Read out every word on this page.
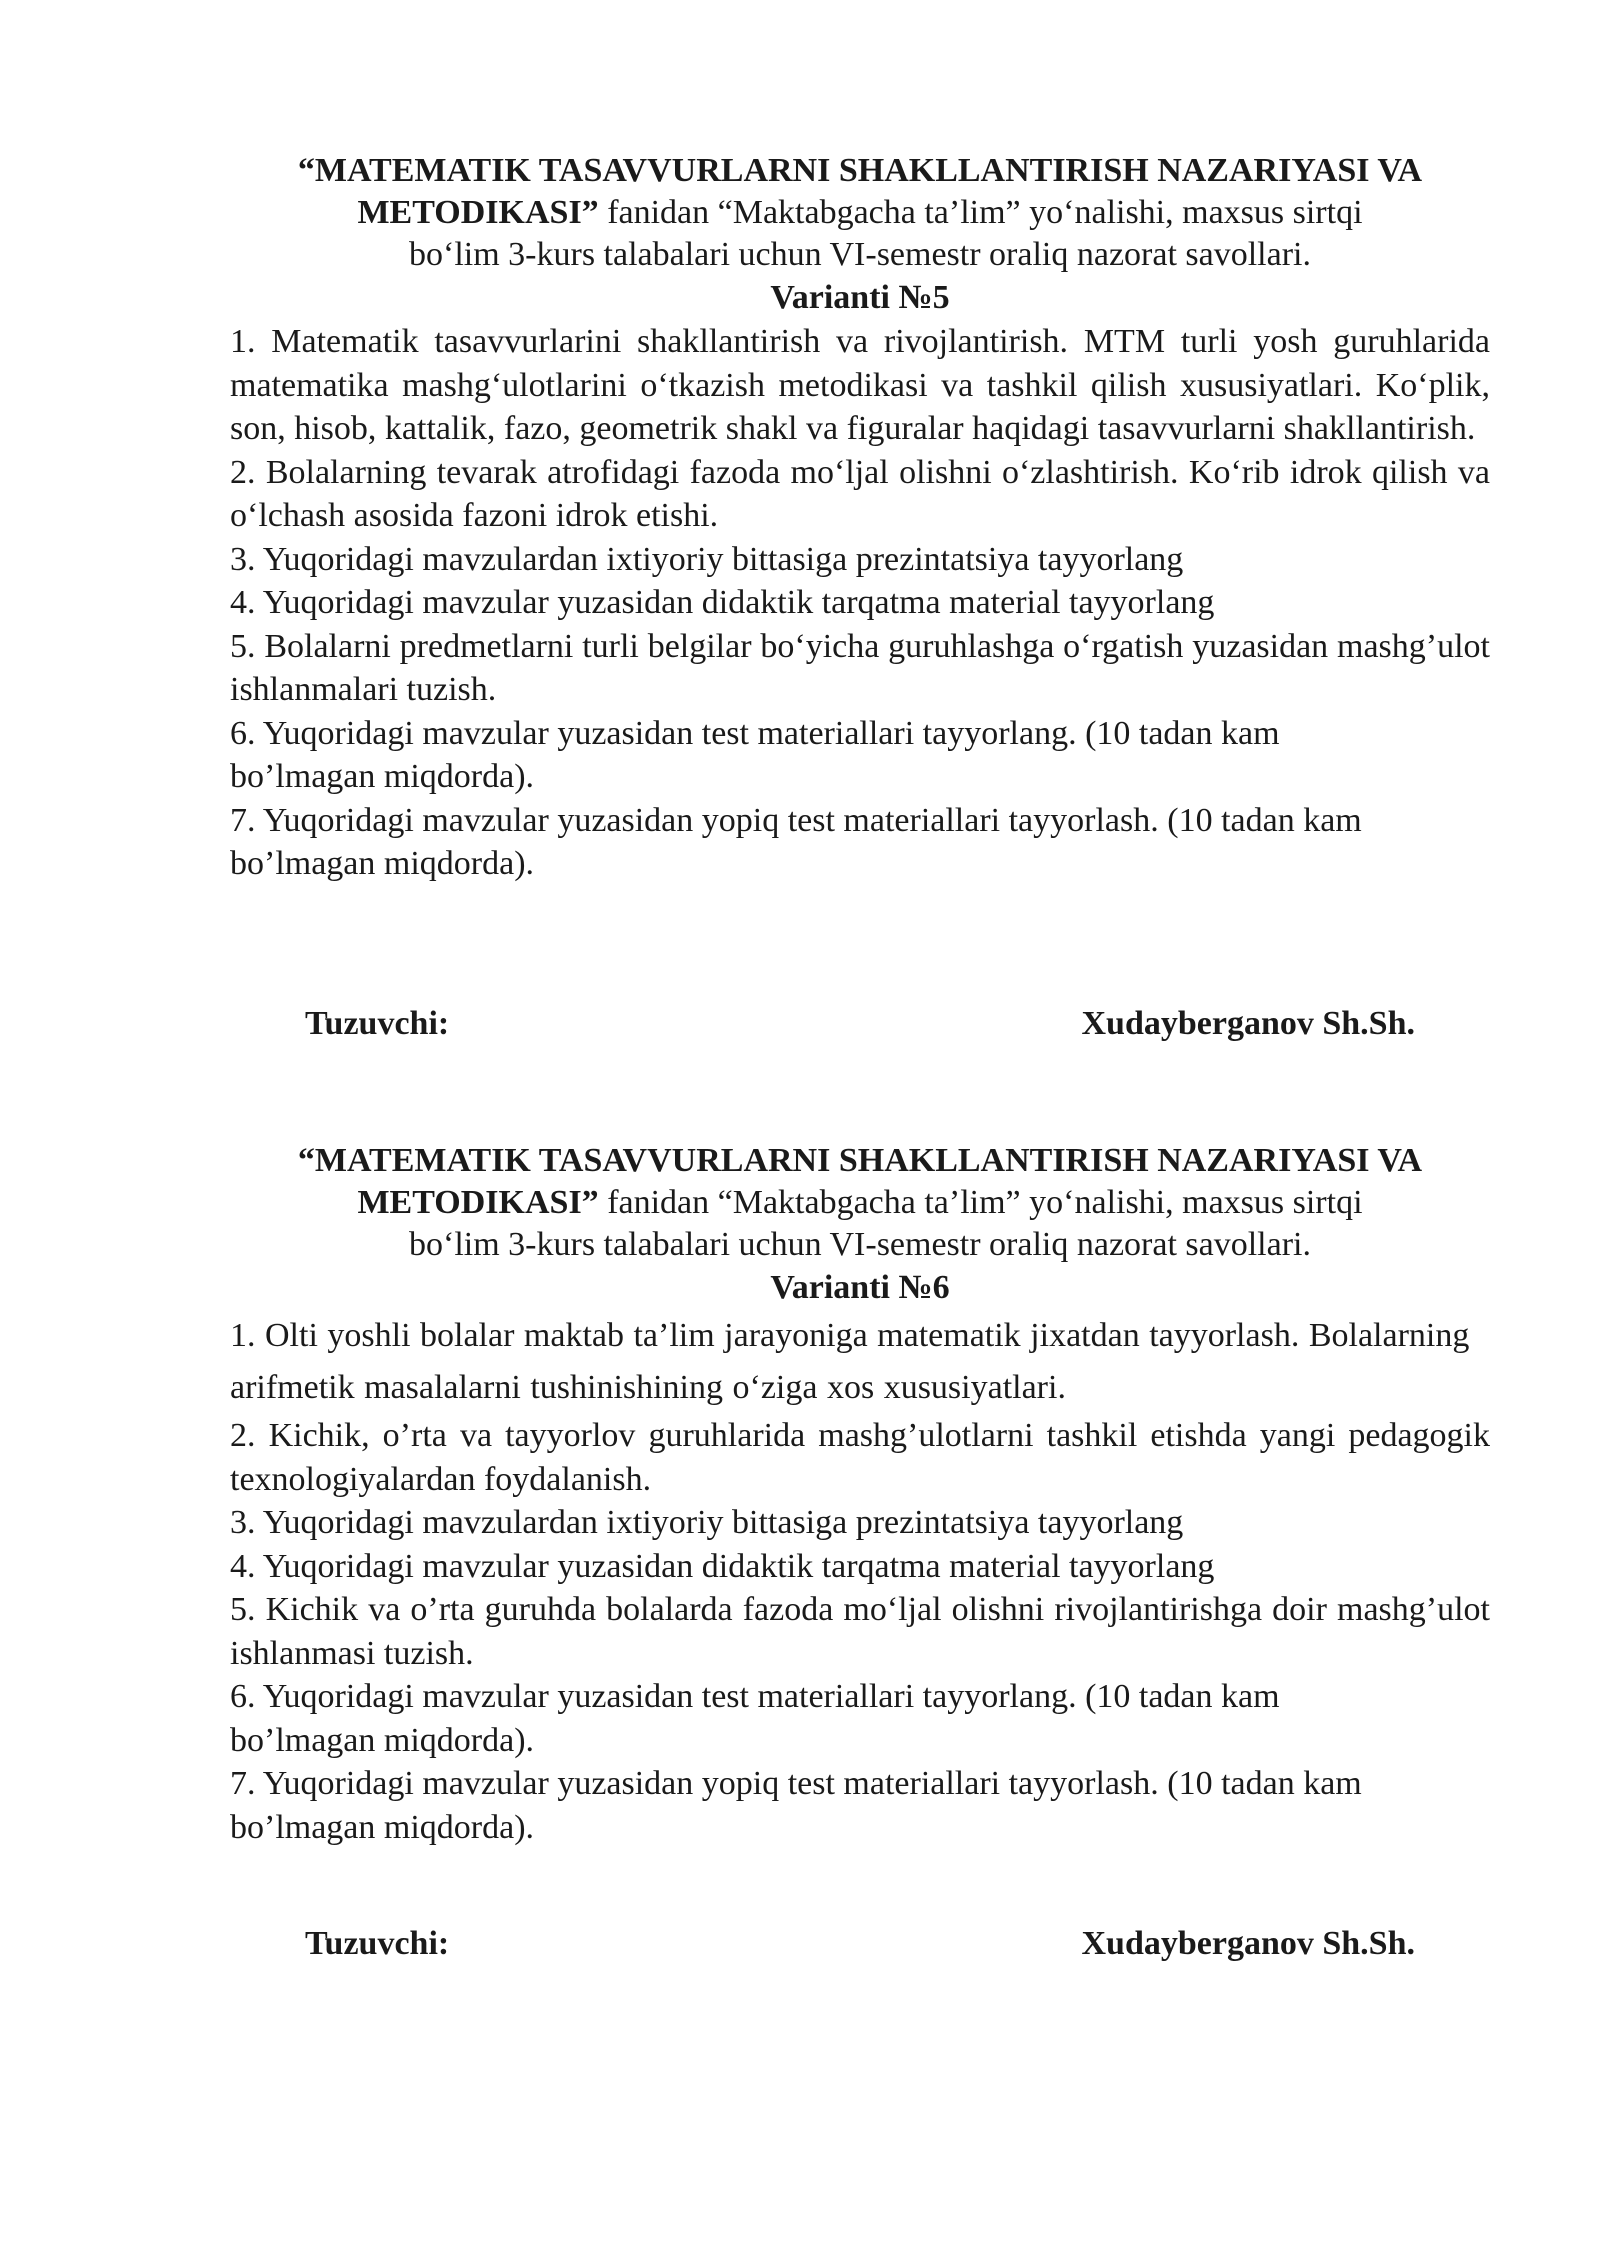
“MATEMATIK TASAVVURLARNI SHAKLLANTIRISH NAZARIYASI VA METODIKASI” fanidan “Maktabgacha ta’lim” yo‘nalishi, maxsus sirtqi
bo‘lim 3-kurs talabalari uchun VI-semestr oraliq nazorat savollari.

Varianti №5

1. Matematik tasavvurlarini shakllantirish va rivojlantirish. MTM turli yosh guruhlarida matematika mashg‘ulotlarini o‘tkazish metodikasi va tashkil qilish xususiyatlari. Ko‘plik, son, hisob, kattalik, fazo, geometrik shakl va figuralar haqidagi tasavvurlarni shakllantirish.

2. Bolalarning tevarak atrofidagi fazoda mo‘ljal olishni o‘zlashtirish. Ko‘rib idrok qilish va o‘lchash asosida fazoni idrok etishi.

3. Yuqoridagi mavzulardan ixtiyoriy bittasiga prezintatsiya tayyorlang

4. Yuqoridagi mavzular yuzasidan didaktik tarqatma material tayyorlang

5. Bolalarni predmetlarni turli belgilar bo‘yicha guruhlashga o‘rgatish yuzasidan mashg’ulot ishlanmalari tuzish.

6. Yuqoridagi mavzular yuzasidan test materiallari tayyorlang. (10 tadan kam bo’lmagan miqdorda).

7. Yuqoridagi mavzular yuzasidan yopiq test materiallari tayyorlash. (10 tadan kam bo’lmagan miqdorda).

Tuzuvchi:	Xudayberganov Sh.Sh.

“MATEMATIK TASAVVURLARNI SHAKLLANTIRISH NAZARIYASI VA METODIKASI” fanidan “Maktabgacha ta’lim” yo‘nalishi, maxsus sirtqi
bo‘lim 3-kurs talabalari uchun VI-semestr oraliq nazorat savollari.

Varianti №6

1. Olti yoshli bolalar maktab ta’lim jarayoniga matematik jixatdan tayyorlash. Bolalarning arifmetik masalalarni tushinishining o‘ziga xos xususiyatlari.

2. Kichik, o’rta va tayyorlov guruhlarida mashg’ulotlarni tashkil etishda yangi pedagogik texnologiyalardan foydalanish.

3. Yuqoridagi mavzulardan ixtiyoriy bittasiga prezintatsiya tayyorlang

4. Yuqoridagi mavzular yuzasidan didaktik tarqatma material tayyorlang

5. Kichik va o’rta guruhda bolalarda fazoda mo‘ljal olishni rivojlantirishga doir mashg’ulot ishlanmasi tuzish.

6. Yuqoridagi mavzular yuzasidan test materiallari tayyorlang. (10 tadan kam bo’lmagan miqdorda).

7. Yuqoridagi mavzular yuzasidan yopiq test materiallari tayyorlash. (10 tadan kam bo’lmagan miqdorda).

Tuzuvchi:	Xudayberganov Sh.Sh.
